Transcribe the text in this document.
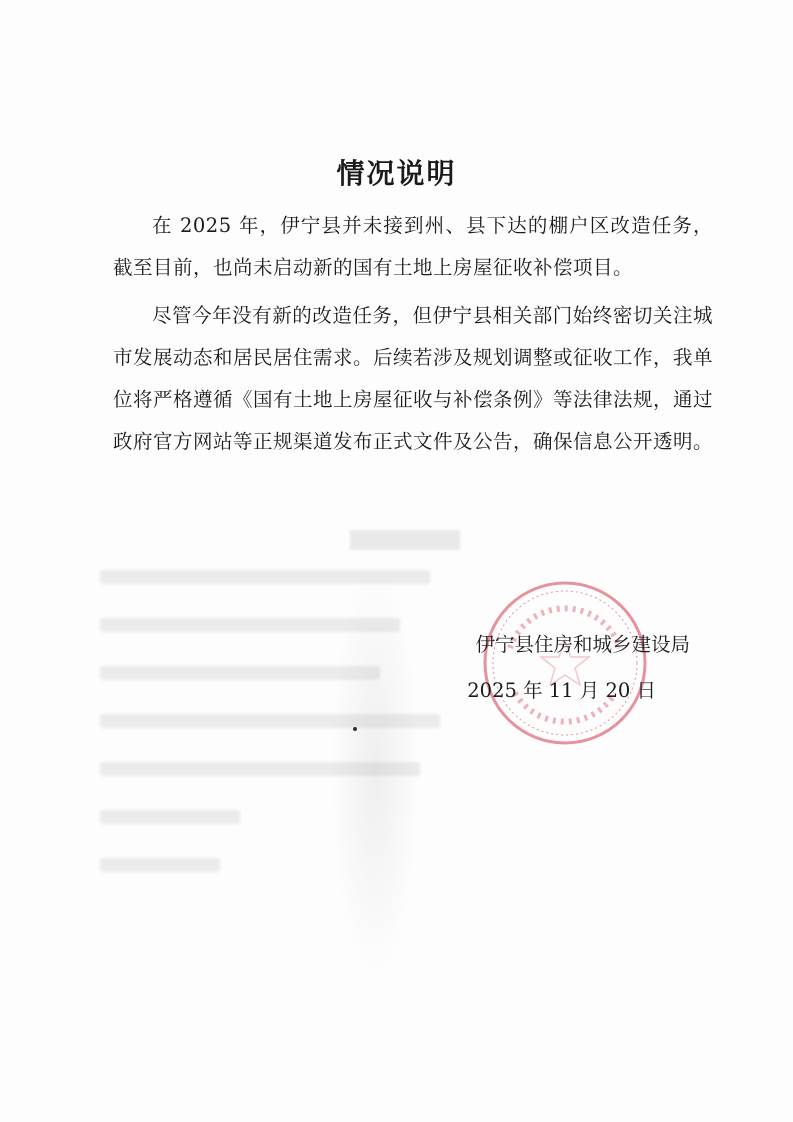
情况说明

在 2025 年，伊宁县并未接到州、县下达的棚户区改造任务，截至目前，也尚未启动新的国有土地上房屋征收补偿项目。

尽管今年没有新的改造任务，但伊宁县相关部门始终密切关注城市发展动态和居民居住需求。后续若涉及规划调整或征收工作，我单位将严格遵循《国有土地上房屋征收与补偿条例》等法律法规，通过政府官方网站等正规渠道发布正式文件及公告，确保信息公开透明。

伊宁县住房和城乡建设局
2025 年 11 月 20 日
